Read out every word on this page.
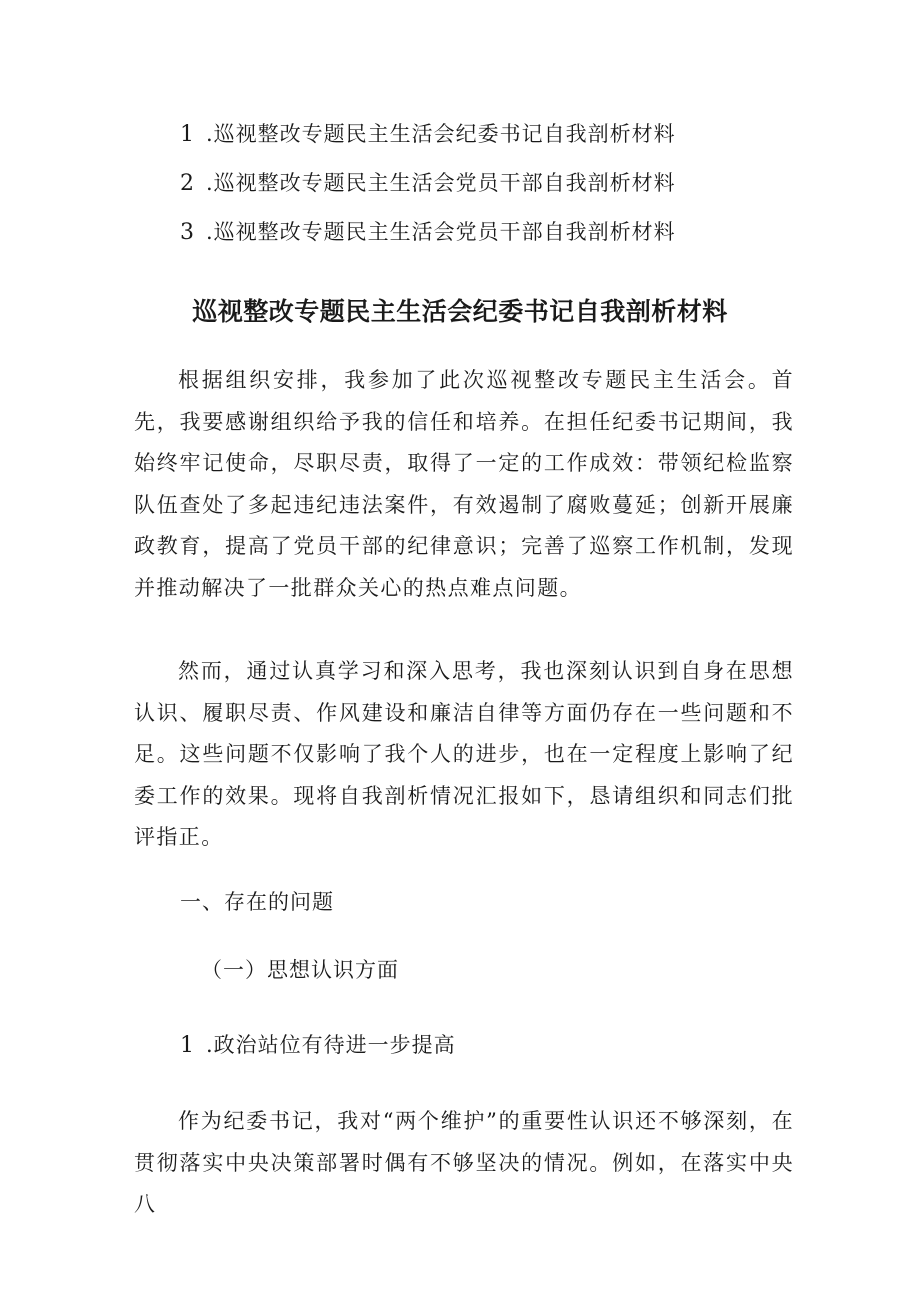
1 .巡视整改专题民主生活会纪委书记自我剖析材料
2 .巡视整改专题民主生活会党员干部自我剖析材料
3 .巡视整改专题民主生活会党员干部自我剖析材料
巡视整改专题民主生活会纪委书记自我剖析材料

根据组织安排，我参加了此次巡视整改专题民主生活会。首先，我要感谢组织给予我的信任和培养。在担任纪委书记期间，我始终牢记使命，尽职尽责，取得了一定的工作成效：带领纪检监察队伍查处了多起违纪违法案件，有效遏制了腐败蔓延；创新开展廉政教育，提高了党员干部的纪律意识；完善了巡察工作机制，发现并推动解决了一批群众关心的热点难点问题。

然而，通过认真学习和深入思考，我也深刻认识到自身在思想认识、履职尽责、作风建设和廉洁自律等方面仍存在一些问题和不足。这些问题不仅影响了我个人的进步，也在一定程度上影响了纪委工作的效果。现将自我剖析情况汇报如下，恳请组织和同志们批评指正。

一、存在的问题
（一）思想认识方面
1 .政治站位有待进一步提高

作为纪委书记，我对“两个维护”的重要性认识还不够深刻，在贯彻落实中央决策部署时偶有不够坚决的情况。例如，在落实中央八
